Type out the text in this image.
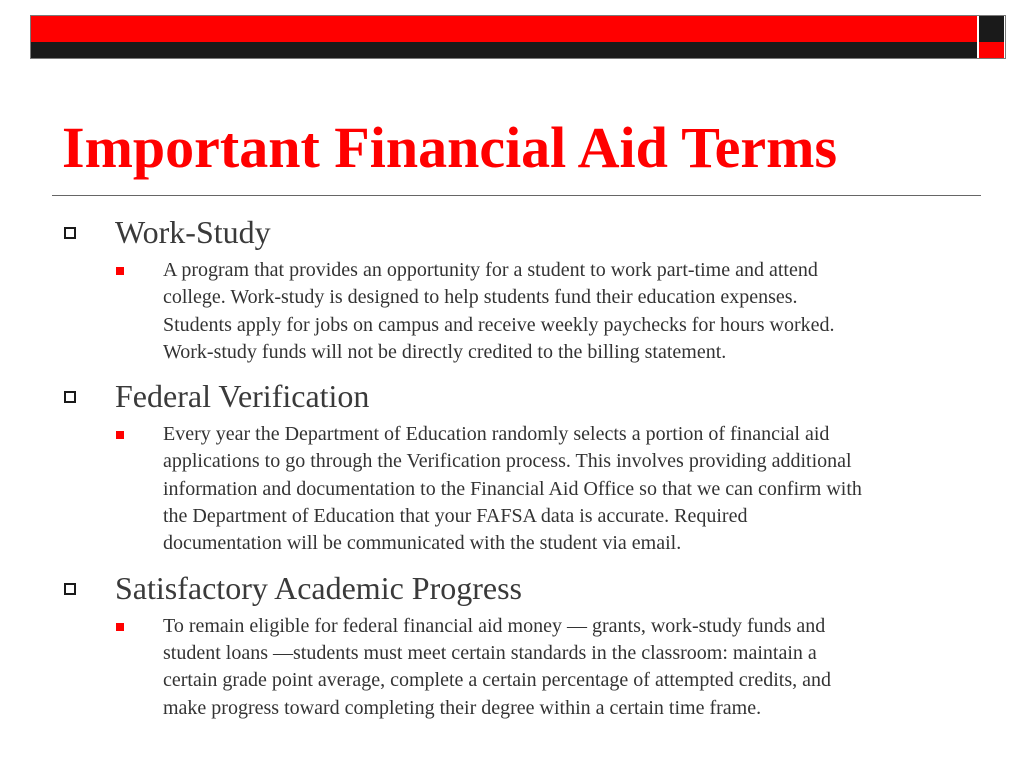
Important Financial Aid Terms
Work-Study
A program that provides an opportunity for a student to work part-time and attend
college. Work-study is designed to help students fund their education expenses.
Students apply for jobs on campus and receive weekly paychecks for hours worked.
Work-study funds will not be directly credited to the billing statement.
Federal Verification
Every year the Department of Education randomly selects a portion of financial aid
applications to go through the Verification process. This involves providing additional
information and documentation to the Financial Aid Office so that we can confirm with
the Department of Education that your FAFSA data is accurate. Required
documentation will be communicated with the student via email.
Satisfactory Academic Progress
To remain eligible for federal financial aid money — grants, work-study funds and
student loans —students must meet certain standards in the classroom: maintain a
certain grade point average, complete a certain percentage of attempted credits, and
make progress toward completing their degree within a certain time frame.
